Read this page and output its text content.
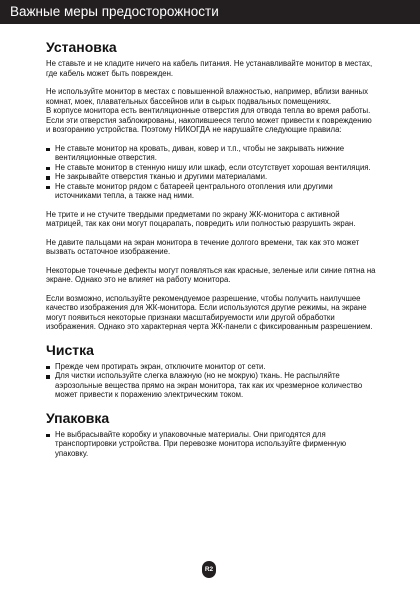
Важные меры предосторожности
Установка

Не ставьте и не кладите ничего на кабель питания. Не устанавливайте монитор в местах, где кабель может быть поврежден.

Не используйте монитор в местах с повышенной влажностью, например, вблизи ванных комнат, моек, плавательных бассейнов или в сырых подвальных помещениях.

В корпусе монитора есть вентиляционные отверстия для отвода тепла во время работы. Если эти отверстия заблокированы, накопившееся тепло может привести к повреждению и возгоранию устройства. Поэтому НИКОГДА не нарушайте следующие правила:

Не ставьте монитор на кровать, диван, ковер и т.п., чтобы не закрывать нижние вентиляционные отверстия.
Не ставьте монитор в стенную нишу или шкаф, если отсутствует хорошая вентиляция.
Не закрывайте отверстия тканью и другими материалами.
Не ставьте монитор рядом с батареей центрального отопления или другими источниками тепла, а также над ними.

Не трите и не стучите твердыми предметами по экрану ЖК-монитора с активной матрицей, так как они могут поцарапать, повредить или полностью разрушить экран.

Не давите пальцами на экран монитора в течение долгого времени, так как это может вызвать остаточное изображение.

Некоторые точечные дефекты могут появляться как красные, зеленые или синие пятна на экране. Однако это не влияет на работу монитора.

Если возможно, используйте рекомендуемое разрешение, чтобы получить наилучшее качество изображения для ЖК-монитора. Если используются другие режимы, на экране могут появиться некоторые признаки масштабируемости или другой обработки изображения. Однако это характерная черта ЖК-панели с фиксированным разрешением.

Чистка
Прежде чем протирать экран, отключите монитор от сети.
Для чистки используйте слегка влажную (но не мокрую) ткань. Не распыляйте аэрозольные вещества прямо на экран монитора, так как их чрезмерное количество может привести к поражению электрическим током.
Упаковка
Не выбрасывайте коробку и упаковочные материалы. Они пригодятся для транспортировки устройства. При перевозке монитора используйте фирменную упаковку.
R2
